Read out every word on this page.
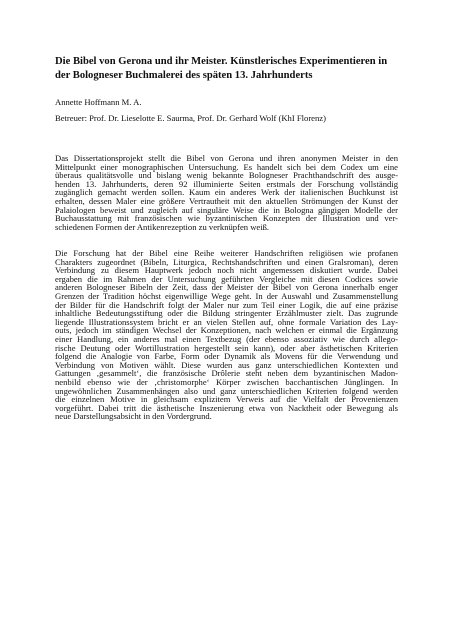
Die Bibel von Gerona und ihr Meister. Künstlerisches Experimentieren in
der Bologneser Buchmalerei des späten 13. Jahrhunderts
Annette Hoffmann M. A.
Betreuer: Prof. Dr. Lieselotte E. Saurma, Prof. Dr. Gerhard Wolf (KhI Florenz)

Das Dissertationsprojekt stellt die Bibel von Gerona und ihren anonymen Meister in den
Mittelpunkt einer monographischen Untersuchung. Es handelt sich bei dem Codex um eine
überaus qualitätsvolle und bislang wenig bekannte Bologneser Prachthandschrift des ausge-
henden 13. Jahrhunderts, deren 92 illuminierte Seiten erstmals der Forschung vollständig
zugänglich gemacht werden sollen. Kaum ein anderes Werk der italienischen Buchkunst ist
erhalten, dessen Maler eine größere Vertrautheit mit den aktuellen Strömungen der Kunst der
Palaiologen beweist und zugleich auf singuläre Weise die in Bologna gängigen Modelle der
Buchausstattung mit französischen wie byzantinischen Konzepten der Illustration und ver-
schiedenen Formen der Antikenrezeption zu verknüpfen weiß.

Die Forschung hat der Bibel eine Reihe weiterer Handschriften religiösen wie profanen
Charakters zugeordnet (Bibeln, Liturgica, Rechtshandschriften und einen Gralsroman), deren
Verbindung zu diesem Hauptwerk jedoch noch nicht angemessen diskutiert wurde. Dabei
ergaben die im Rahmen der Untersuchung geführten Vergleiche mit diesen Codices sowie
anderen Bologneser Bibeln der Zeit, dass der Meister der Bibel von Gerona innerhalb enger
Grenzen der Tradition höchst eigenwillige Wege geht. In der Auswahl und Zusammenstellung
der Bilder für die Handschrift folgt der Maler nur zum Teil einer Logik, die auf eine präzise
inhaltliche Bedeutungsstiftung oder die Bildung stringenter Erzählmuster zielt. Das zugrunde
liegende Illustrationssystem bricht er an vielen Stellen auf, ohne formale Variation des Lay-
outs, jedoch im ständigen Wechsel der Konzeptionen, nach welchen er einmal die Ergänzung
einer Handlung, ein anderes mal einen Textbezug (der ebenso assoziativ wie durch allego-
rische Deutung oder Wortillustration hergestellt sein kann), oder aber ästhetischen Kriterien
folgend die Analogie von Farbe, Form oder Dynamik als Movens für die Verwendung und
Verbindung von Motiven wählt. Diese wurden aus ganz unterschiedlichen Kontexten und
Gattungen ‚gesammelt‘, die französische Drôlerie steht neben dem byzantinischen Madon-
nenbild ebenso wie der ‚christomorphe‘ Körper zwischen bacchantischen Jünglingen. In
ungewöhnlichen Zusammenhängen also und ganz unterschiedlichen Kriterien folgend werden
die einzelnen Motive in gleichsam explizitem Verweis auf die Vielfalt der Provenienzen
vorgeführt. Dabei tritt die ästhetische Inszenierung etwa von Nacktheit oder Bewegung als
neue Darstellungsabsicht in den Vordergrund.
